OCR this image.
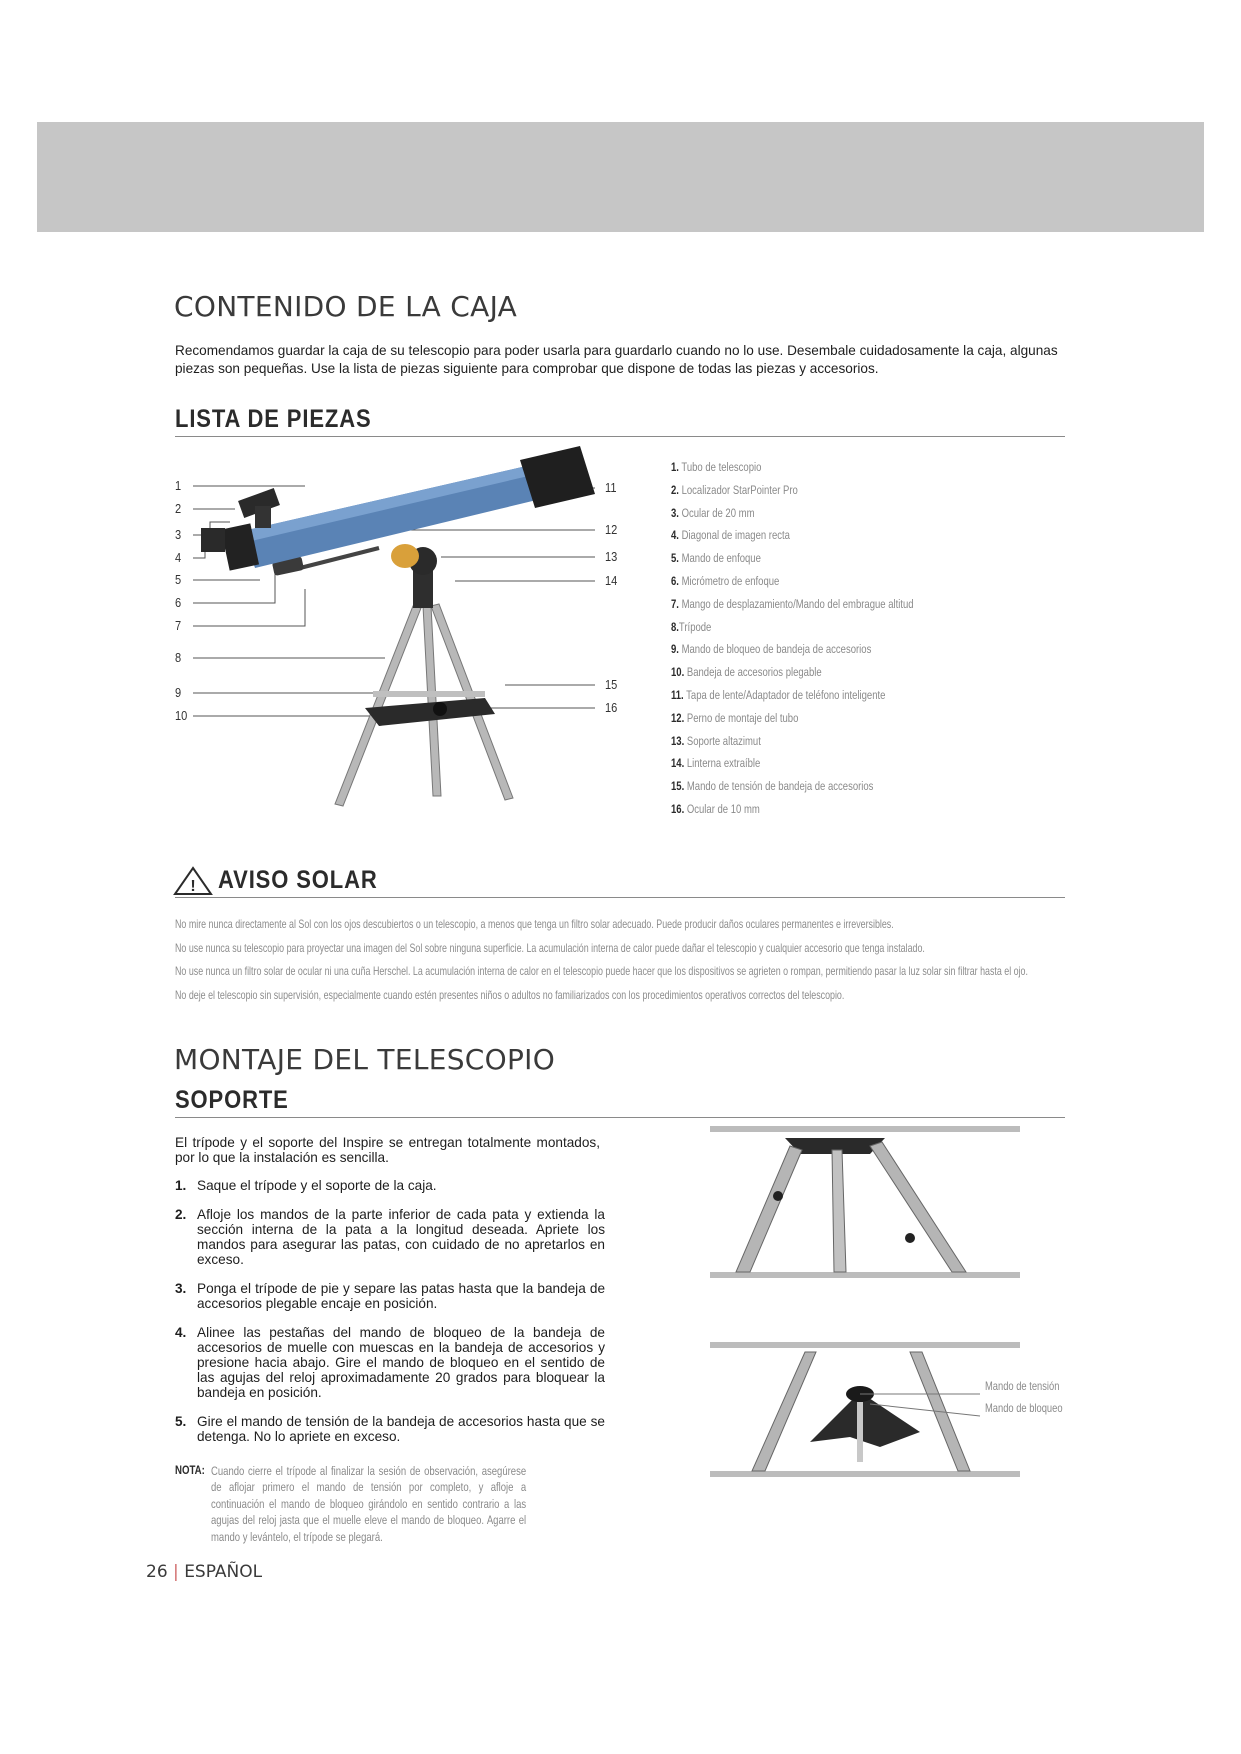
CONTENIDO DE LA CAJA

Recomendamos guardar la caja de su telescopio para poder usarla para guardarlo cuando no lo use. Desembale cuidadosamente la caja, algunas piezas son pequeñas. Use la lista de piezas siguiente para comprobar que dispone de todas las piezas y accesorios.

LISTA DE PIEZAS
1
2
3
4
5
6
7
8
9
10
11
12
13
14
15
16
1. Tubo de telescopio
2. Localizador StarPointer Pro
3. Ocular de 20 mm
4. Diagonal de imagen recta
5. Mando de enfoque
6. Micrómetro de enfoque
7. Mango de desplazamiento/Mando del embrague altitud
8.Trípode
9. Mando de bloqueo de bandeja de accesorios
10. Bandeja de accesorios plegable
11. Tapa de lente/Adaptador de teléfono inteligente
12. Perno de montaje del tubo
13. Soporte altazimut
14. Linterna extraíble
15. Mando de tensión de bandeja de accesorios
16. Ocular de 10 mm
! AVISO SOLAR

No mire nunca directamente al Sol con los ojos descubiertos o un telescopio, a menos que tenga un filtro solar adecuado. Puede producir daños oculares permanentes e irreversibles.

No use nunca su telescopio para proyectar una imagen del Sol sobre ninguna superficie. La acumulación interna de calor puede dañar el telescopio y cualquier accesorio que tenga instalado.

No use nunca un filtro solar de ocular ni una cuña Herschel. La acumulación interna de calor en el telescopio puede hacer que los dispositivos se agrieten o rompan, permitiendo pasar la luz solar sin filtrar hasta el ojo.

No deje el telescopio sin supervisión, especialmente cuando estén presentes niños o adultos no familiarizados con los procedimientos operativos correctos del telescopio.

MONTAJE DEL TELESCOPIO
SOPORTE

El trípode y el soporte del Inspire se entregan totalmente montados, por lo que la instalación es sencilla.

1. Saque el trípode y el soporte de la caja.
2. Afloje los mandos de la parte inferior de cada pata y extienda la sección interna de la pata a la longitud deseada. Apriete los mandos para asegurar las patas, con cuidado de no apretarlos en exceso.
3. Ponga el trípode de pie y separe las patas hasta que la bandeja de accesorios plegable encaje en posición.
4. Alinee las pestañas del mando de bloqueo de la bandeja de accesorios de muelle con muescas en la bandeja de accesorios y presione hacia abajo. Gire el mando de bloqueo en el sentido de las agujas del reloj aproximadamente 20 grados para bloquear la bandeja en posición.
5. Gire el mando de tensión de la bandeja de accesorios hasta que se detenga. No lo apriete en exceso.
NOTA: Cuando cierre el trípode al finalizar la sesión de observación, asegúrese de aflojar primero el mando de tensión por completo, y afloje a continuación el mando de bloqueo girándolo en sentido contrario a las agujas del reloj jasta que el muelle eleve el mando de bloqueo. Agarre el mando y levántelo, el trípode se plegará.
Mando de tensión
Mando de bloqueo
26 | ESPAÑOL
